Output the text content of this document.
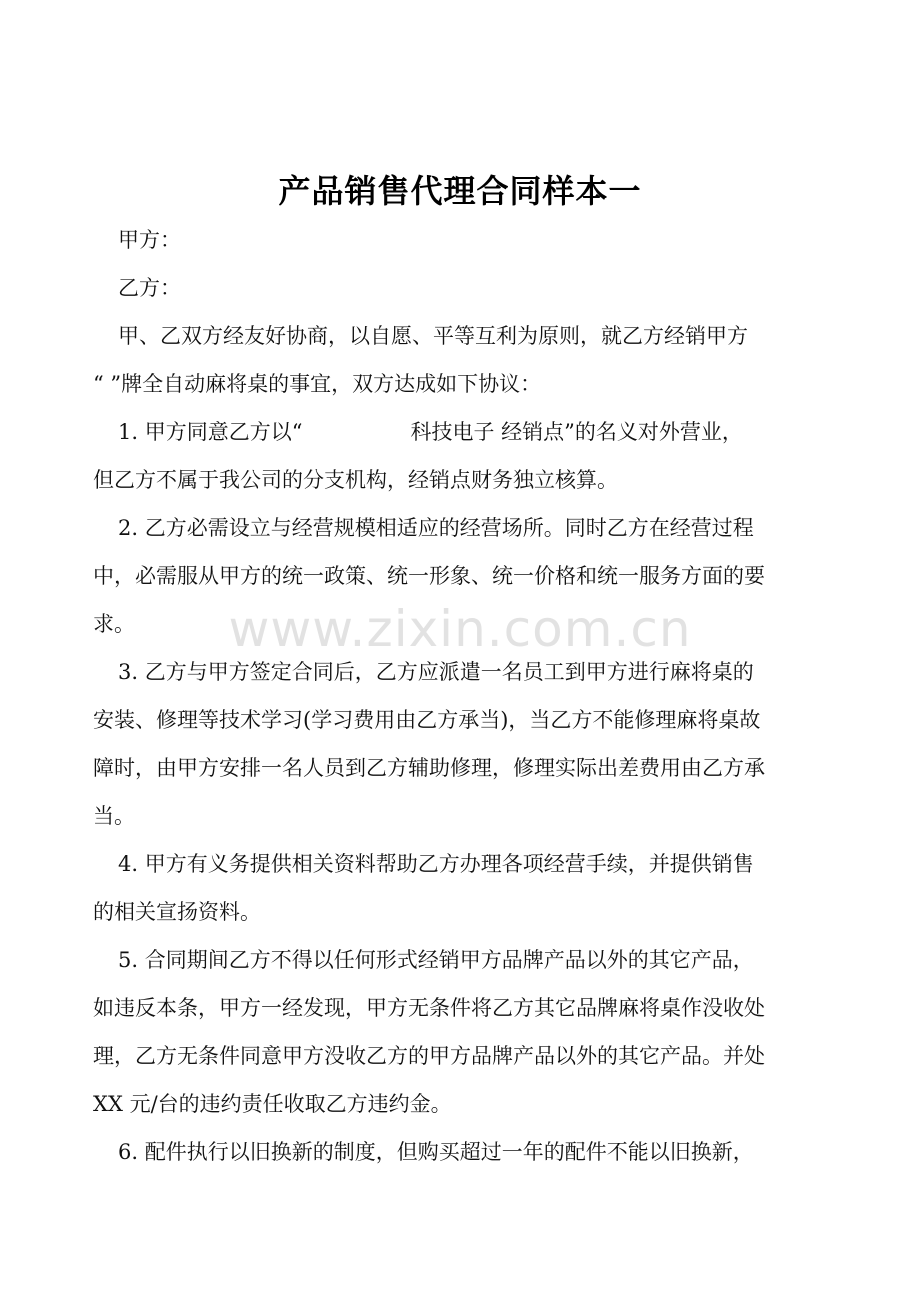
产品销售代理合同样本一
甲方：
乙方：
甲、乙双方经友好协商，以自愿、平等互利为原则，就乙方经销甲方
“ ”牌全自动麻将桌的事宜，双方达成如下协议：
1. 甲方同意乙方以“	科技电子 经销点”的名义对外营业，
但乙方不属于我公司的分支机构，经销点财务独立核算。
2. 乙方必需设立与经营规模相适应的经营场所。同时乙方在经营过程
中，必需服从甲方的统一政策、统一形象、统一价格和统一服务方面的要
求。
3. 乙方与甲方签定合同后，乙方应派遣一名员工到甲方进行麻将桌的
安装、修理等技术学习(学习费用由乙方承当)，当乙方不能修理麻将桌故
障时，由甲方安排一名人员到乙方辅助修理，修理实际出差费用由乙方承
当。
4. 甲方有义务提供相关资料帮助乙方办理各项经营手续，并提供销售
的相关宣扬资料。
5. 合同期间乙方不得以任何形式经销甲方品牌产品以外的其它产品，
如违反本条，甲方一经发现，甲方无条件将乙方其它品牌麻将桌作没收处
理，乙方无条件同意甲方没收乙方的甲方品牌产品以外的其它产品。并处
XX 元/台的违约责任收取乙方违约金。
6. 配件执行以旧换新的制度，但购买超过一年的配件不能以旧换新，
www.zixin.com.cn
